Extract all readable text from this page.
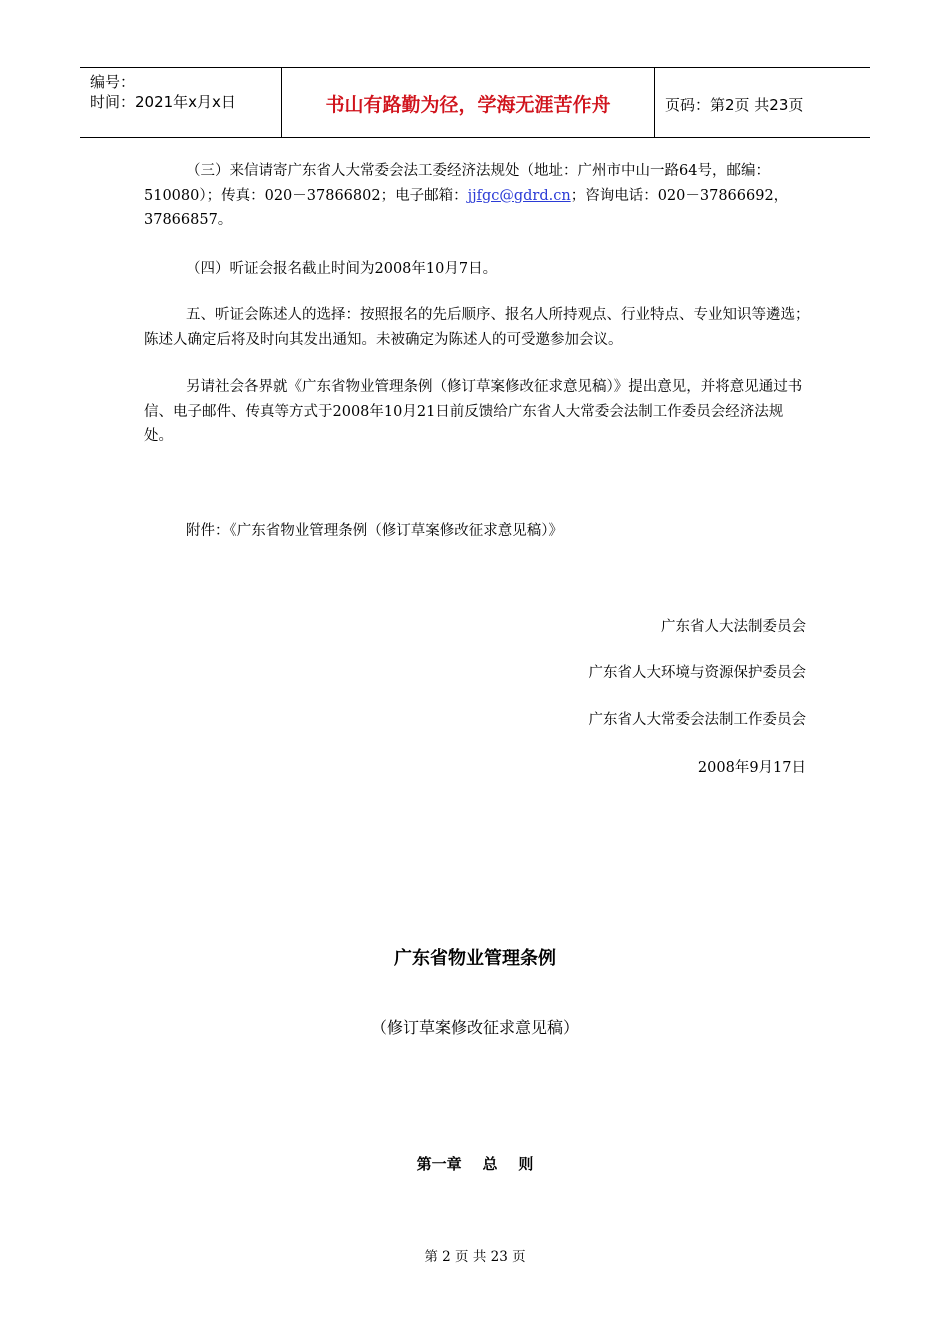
编号：
时间：2021年x月x日	书山有路勤为径，学海无涯苦作舟	页码：第2页 共23页
（三）来信请寄广东省人大常委会法工委经济法规处（地址：广州市中山一路64号，邮编：510080）；传真：020－37866802；电子邮箱：jjfgc@gdrd.cn；咨询电话：020－37866692，37866857。
（四）听证会报名截止时间为2008年10月7日。
五、听证会陈述人的选择：按照报名的先后顺序、报名人所持观点、行业特点、专业知识等遴选；陈述人确定后将及时向其发出通知。未被确定为陈述人的可受邀参加会议。
另请社会各界就《广东省物业管理条例（修订草案修改征求意见稿）》提出意见，并将意见通过书信、电子邮件、传真等方式于2008年10月21日前反馈给广东省人大常委会法制工作委员会经济法规处。
附件：《广东省物业管理条例（修订草案修改征求意见稿）》
广东省人大法制委员会
广东省人大环境与资源保护委员会
广东省人大常委会法制工作委员会
2008年9月17日
广东省物业管理条例
（修订草案修改征求意见稿）
第一章    总    则
第 2 页 共 23 页
